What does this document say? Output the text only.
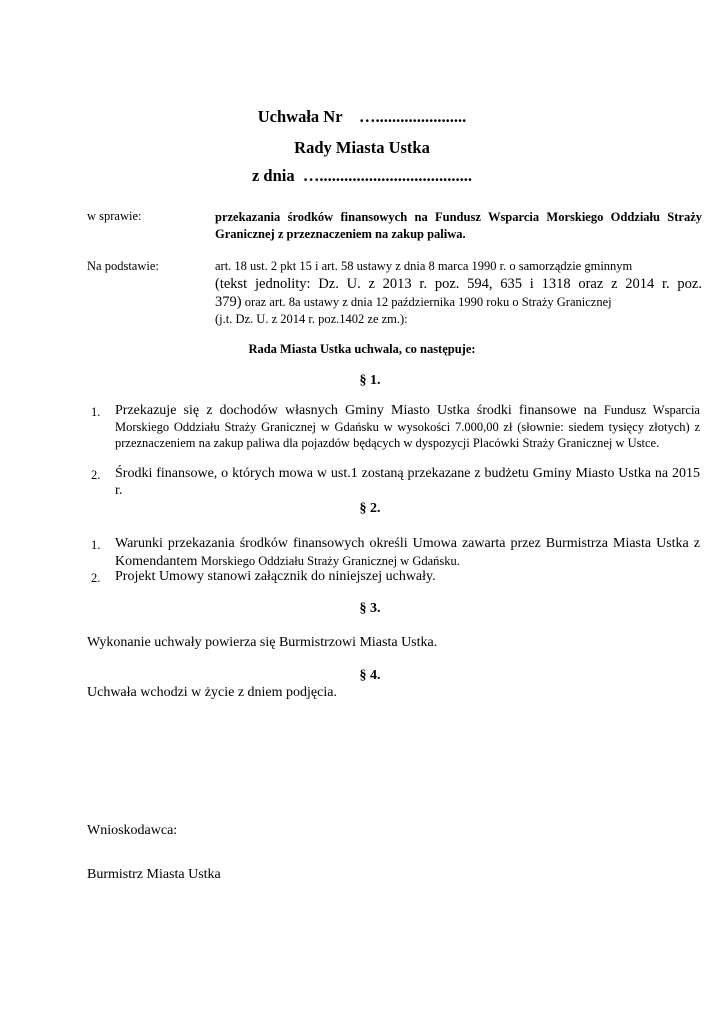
Uchwała Nr …......................
Rady Miasta Ustka
z dnia ….....................................
w sprawie:	przekazania środków finansowych na Fundusz Wsparcia Morskiego Oddziału Straży Granicznej z przeznaczeniem na zakup paliwa.
Na podstawie:	art. 18 ust. 2 pkt 15 i art. 58 ustawy z dnia 8 marca 1990 r. o samorządzie gminnym
(tekst jednolity: Dz. U. z 2013 r. poz. 594, 635 i 1318 oraz z 2014 r. poz.
379) oraz art. 8a ustawy z dnia 12 października 1990 roku o Straży Granicznej
(j.t. Dz. U. z 2014 r. poz.1402 ze zm.):
Rada Miasta Ustka uchwala, co następuje:
§ 1.
1. Przekazuje się z dochodów własnych Gminy Miasto Ustka środki finansowe na Fundusz Wsparcia Morskiego Oddziału Straży Granicznej w Gdańsku w wysokości 7.000,00 zł (słownie: siedem tysięcy złotych) z przeznaczeniem na zakup paliwa dla pojazdów będących w dyspozycji Placówki Straży Granicznej w Ustce.
2. Środki finansowe, o których mowa w ust.1 zostaną przekazane z budżetu Gminy Miasto Ustka na 2015 r.
§ 2.
1. Warunki przekazania środków finansowych określi Umowa zawarta przez Burmistrza Miasta Ustka z Komendantem Morskiego Oddziału Straży Granicznej w Gdańsku.
2. Projekt Umowy stanowi załącznik do niniejszej uchwały.
§ 3.
Wykonanie uchwały powierza się Burmistrzowi Miasta Ustka.
§ 4.
Uchwała wchodzi w życie z dniem podjęcia.
Wnioskodawca:
Burmistrz Miasta Ustka
